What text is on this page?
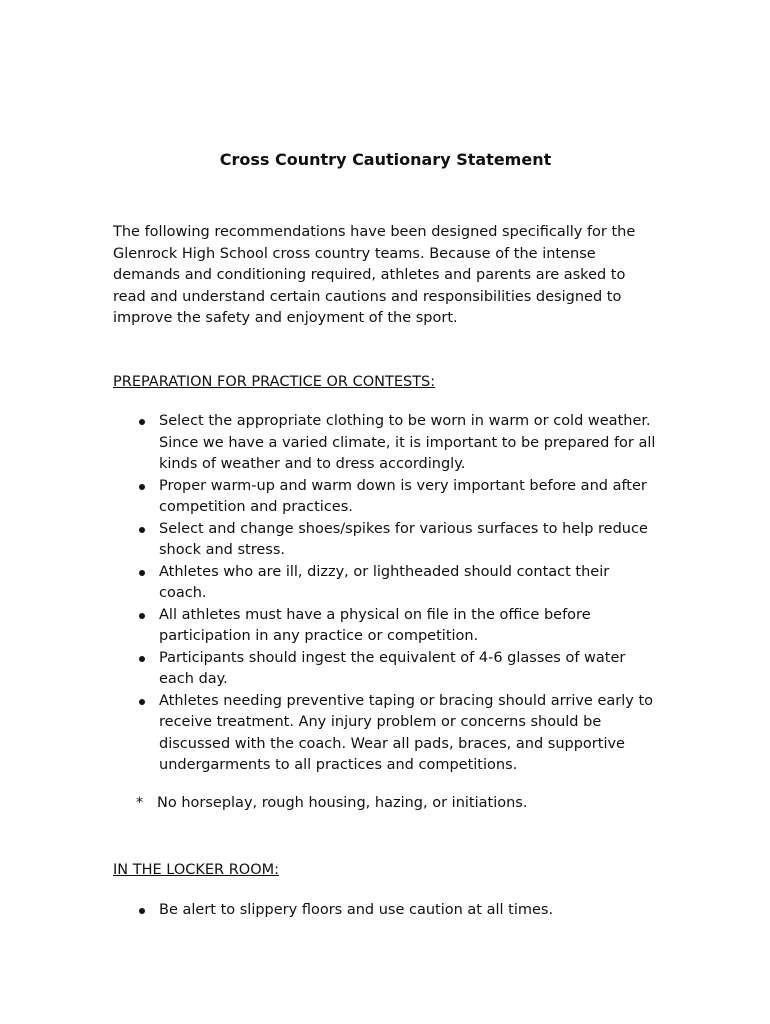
Cross Country Cautionary Statement

The following recommendations have been designed specifically for the Glenrock High School cross country teams. Because of the intense demands and conditioning required, athletes and parents are asked to read and understand certain cautions and responsibilities designed to improve the safety and enjoyment of the sport.

PREPARATION FOR PRACTICE OR CONTESTS:
Select the appropriate clothing to be worn in warm or cold weather. Since we have a varied climate, it is important to be prepared for all kinds of weather and to dress accordingly.
Proper warm-up and warm down is very important before and after competition and practices.
Select and change shoes/spikes for various surfaces to help reduce shock and stress.
Athletes who are ill, dizzy, or lightheaded should contact their coach.
All athletes must have a physical on file in the office before participation in any practice or competition.
Participants should ingest the equivalent of 4-6 glasses of water each day.
Athletes needing preventive taping or bracing should arrive early to receive treatment. Any injury problem or concerns should be discussed with the coach. Wear all pads, braces, and supportive undergarments to all practices and competitions.
* No horseplay, rough housing, hazing, or initiations.
IN THE LOCKER ROOM:
Be alert to slippery floors and use caution at all times.
